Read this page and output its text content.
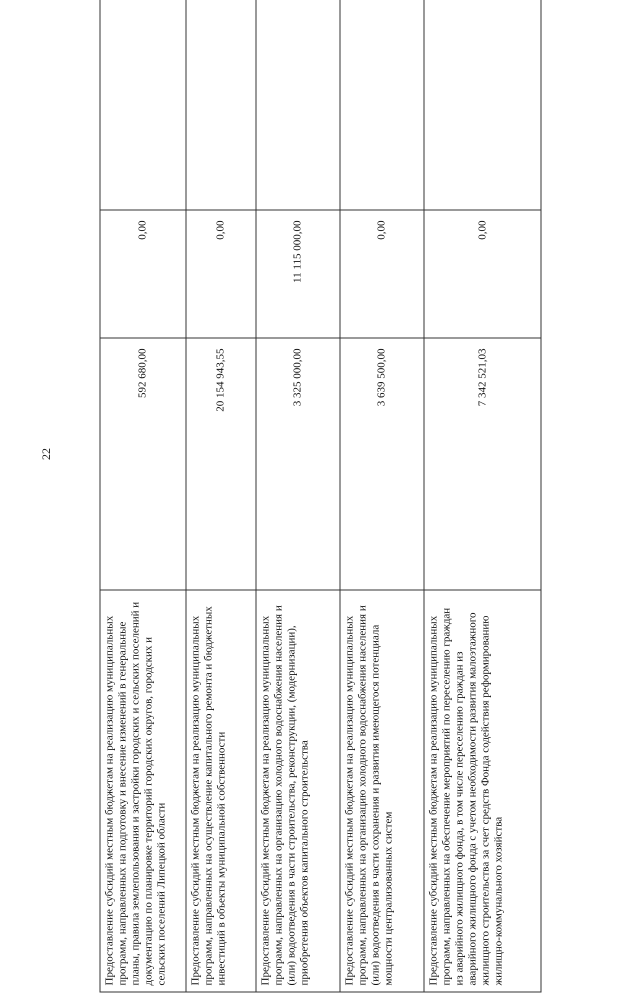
22
Предоставление субсидий местным бюджетам на реализацию муниципальных программ, направленных на подготовку и внесение изменений в генеральные планы, правила землепользования и застройки городских и сельских поселений и документацию по планировке территорий городских округов, городских и сельских поселений Липецкой области	592 680,00	0,00	
Предоставление субсидий местным бюджетам на реализацию муниципальных программ, направленных на осуществление капитального ремонта и бюджетных инвестиций в объекты муниципальной собственности	20 154 943,55	0,00	
Предоставление субсидий местным бюджетам на реализацию муниципальных программ, направленных на организацию холодного водоснабжения населения и (или) водоотведения в части строительства, реконструкции, (модернизации), приобретения объектов капитального строительства	3 325 000,00	11 115 000,00	
Предоставление субсидий местным бюджетам на реализацию муниципальных программ, направленных на организацию холодного водоснабжения населения и (или) водоотведения в части сохранения и развития имеющегося потенциала мощности централизованных систем	3 639 500,00	0,00	
Предоставление субсидий местным бюджетам на реализацию муниципальных программ, направленных на обеспечение мероприятий по переселению граждан из аварийного жилищного фонда, в том числе переселению граждан из аварийного жилищного фонда с учетом необходимости развития малоэтажного жилищного строительства за счет средств Фонда содействия реформированию жилищно-коммунального хозяйства	7 342 521,03	0,00	
